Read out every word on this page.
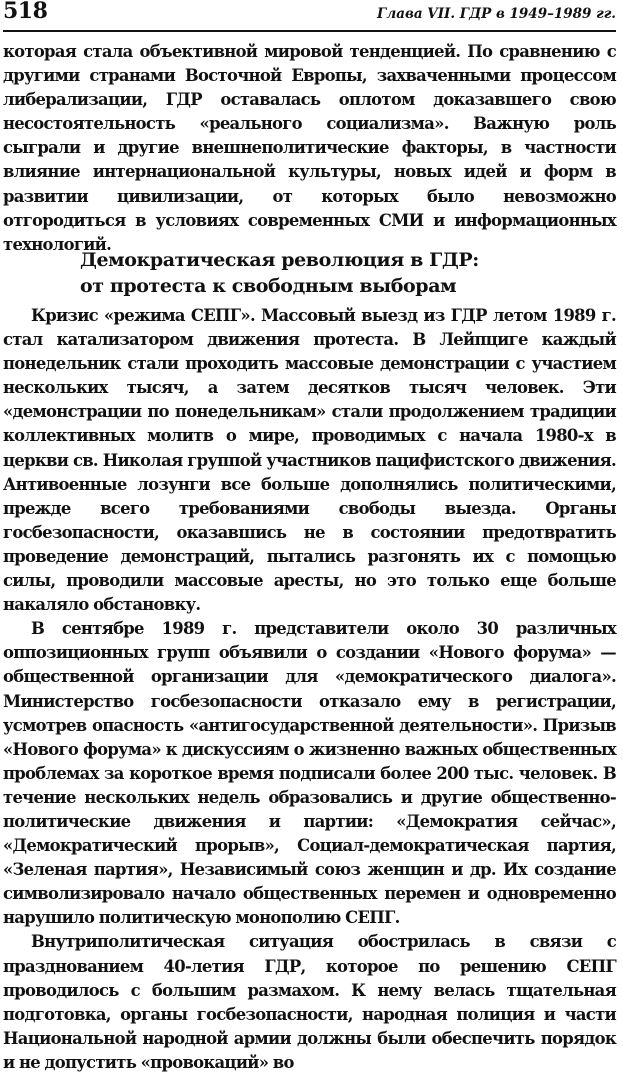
518	Глава VII. ГДР в 1949–1989 гг.

которая стала объективной мировой тенденцией. По сравнению с другими странами Восточной Европы, захваченными процессом либерализации, ГДР оставалась оплотом доказавшего свою несостоятельность «реального социализма». Важную роль сыграли и другие внешнеполитические факторы, в частности влияние интернациональной культуры, новых идей и форм в развитии цивилизации, от которых было невозможно отгородиться в условиях современных СМИ и информационных технологий.

Демократическая революция в ГДР:
от протеста к свободным выборам

Кризис «режима СЕПГ». Массовый выезд из ГДР летом 1989 г. стал катализатором движения протеста. В Лейпциге каждый понедельник стали проходить массовые демонстрации с участием нескольких тысяч, а затем десятков тысяч человек. Эти «демонстрации по понедельникам» стали продолжением традиции коллективных молитв о мире, проводимых с начала 1980-х в церкви св. Николая группой участников пацифистского движения. Антивоенные лозунги все больше дополнялись политическими, прежде всего требованиями свободы выезда. Органы госбезопасности, оказавшись не в состоянии предотвратить проведение демонстраций, пытались разгонять их с помощью силы, проводили массовые аресты, но это только еще больше накаляло обстановку.

В сентябре 1989 г. представители около 30 различных оппозиционных групп объявили о создании «Нового форума» — общественной организации для «демократического диалога». Министерство госбезопасности отказало ему в регистрации, усмотрев опасность «антигосударственной деятельности». Призыв «Нового форума» к дискуссиям о жизненно важных общественных проблемах за короткое время подписали более 200 тыс. человек. В течение нескольких недель образовались и другие общественно-политические движения и партии: «Демократия сейчас», «Демократический прорыв», Социал-демократическая партия, «Зеленая партия», Независимый союз женщин и др. Их создание символизировало начало общественных перемен и одновременно нарушило политическую монополию СЕПГ.

Внутриполитическая ситуация обострилась в связи с празднованием 40-летия ГДР, которое по решению СЕПГ проводилось с большим размахом. К нему велась тщательная подготовка, органы госбезопасности, народная полиция и части Национальной народной армии должны были обеспечить порядок и не допустить «провокаций» во
